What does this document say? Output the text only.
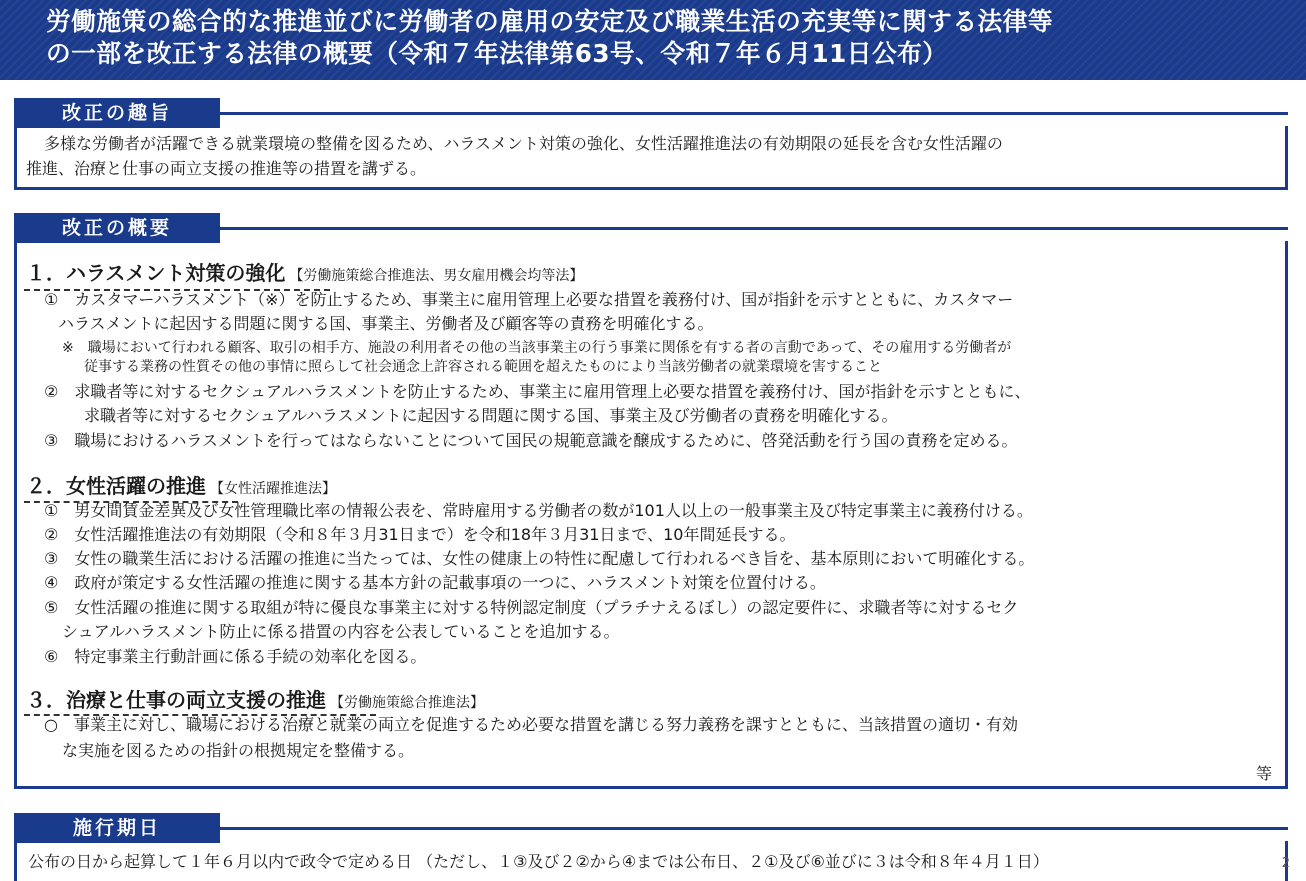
労働施策の総合的な推進並びに労働者の雇用の安定及び職業生活の充実等に関する法律等
の一部を改正する法律の概要（令和７年法律第63号、令和７年６月11日公布）
改正の趣旨
多様な労働者が活躍できる就業環境の整備を図るため、ハラスメント対策の強化、女性活躍推進法の有効期限の延長を含む女性活躍の
推進、治療と仕事の両立支援の推進等の措置を講ずる。
改正の概要
１．ハラスメント対策の強化 【労働施策総合推進法、男女雇用機会均等法】
①　カスタマーハラスメント（※）を防止するため、事業主に雇用管理上必要な措置を義務付け、国が指針を示すとともに、カスタマー
ハラスメントに起因する問題に関する国、事業主、労働者及び顧客等の責務を明確化する。
※　職場において行われる顧客、取引の相手方、施設の利用者その他の当該事業主の行う事業に関係を有する者の言動であって、その雇用する労働者が
従事する業務の性質その他の事情に照らして社会通念上許容される範囲を超えたものにより当該労働者の就業環境を害すること
②　求職者等に対するセクシュアルハラスメントを防止するため、事業主に雇用管理上必要な措置を義務付け、国が指針を示すとともに、
求職者等に対するセクシュアルハラスメントに起因する問題に関する国、事業主及び労働者の責務を明確化する。
③　職場におけるハラスメントを行ってはならないことについて国民の規範意識を醸成するために、啓発活動を行う国の責務を定める。
２．女性活躍の推進 【女性活躍推進法】
①　男女間賃金差異及び女性管理職比率の情報公表を、常時雇用する労働者の数が101人以上の一般事業主及び特定事業主に義務付ける。
②　女性活躍推進法の有効期限（令和８年３月31日まで）を令和18年３月31日まで、10年間延長する。
③　女性の職業生活における活躍の推進に当たっては、女性の健康上の特性に配慮して行われるべき旨を、基本原則において明確化する。
④　政府が策定する女性活躍の推進に関する基本方針の記載事項の一つに、ハラスメント対策を位置付ける。
⑤　女性活躍の推進に関する取組が特に優良な事業主に対する特例認定制度（プラチナえるぼし）の認定要件に、求職者等に対するセク
シュアルハラスメント防止に係る措置の内容を公表していることを追加する。
⑥　特定事業主行動計画に係る手続の効率化を図る。
３．治療と仕事の両立支援の推進 【労働施策総合推進法】
○　事業主に対し、職場における治療と就業の両立を促進するため必要な措置を講じる努力義務を課すとともに、当該措置の適切・有効
な実施を図るための指針の根拠規定を整備する。
等
施行期日
公布の日から起算して１年６月以内で政令で定める日 （ただし、１③及び２②から④までは公布日、２①及び⑥並びに３は令和８年４月１日）	2
